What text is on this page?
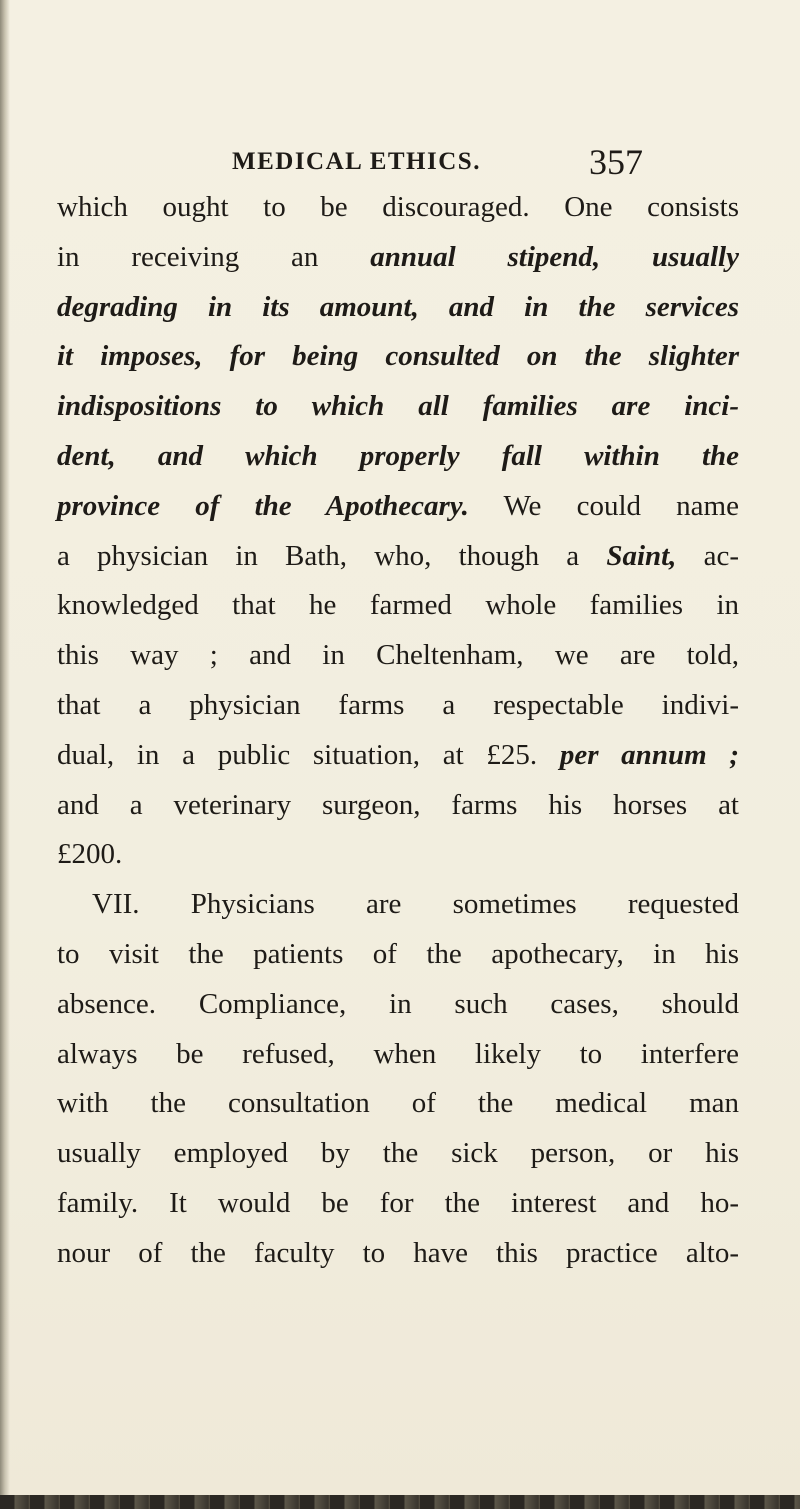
MEDICAL ETHICS.	357
which ought to be discouraged. One consists
in receiving an annual stipend, usually
degrading in its amount, and in the services
it imposes, for being consulted on the slighter
indispositions to which all families are inci-
dent, and which properly fall within the
province of the Apothecary. We could name
a physician in Bath, who, though a Saint, ac-
knowledged that he farmed whole families in
this way ; and in Cheltenham, we are told,
that a physician farms a respectable indivi-
dual, in a public situation, at £25. per annum ;
and a veterinary surgeon, farms his horses at
£200.
VII. Physicians are sometimes requested
to visit the patients of the apothecary, in his
absence. Compliance, in such cases, should
always be refused, when likely to interfere
with the consultation of the medical man
usually employed by the sick person, or his
family. It would be for the interest and ho-
nour of the faculty to have this practice alto-
